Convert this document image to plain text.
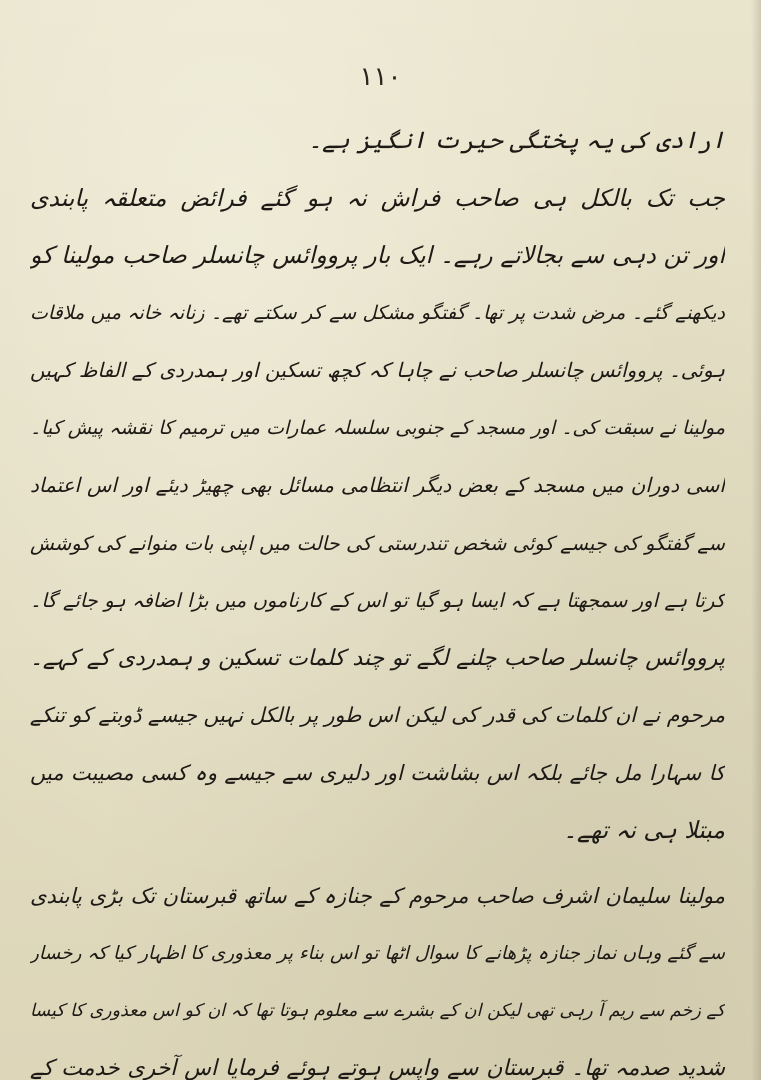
۱۱۰
ارادی کی یہ پختگی حیرت انگیز ہے۔
جب تک بالکل ہی صاحب فراش نہ ہو گئے فرائض متعلقہ پابندی
اور تن دہی سے بجالاتے رہے۔ ایک بار پرووائس چانسلر صاحب مولینا کو
دیکھنے گئے۔ مرض شدت پر تھا۔ گفتگو مشکل سے کر سکتے تھے۔ زنانہ خانہ میں ملاقات
ہوئی۔ پرووائس چانسلر صاحب نے چاہا کہ کچھ تسکین اور ہمدردی کے الفاظ کہیں
مولینا نے سبقت کی۔ اور مسجد کے جنوبی سلسلہ عمارات میں ترمیم کا نقشہ پیش کیا۔
اسی دوران میں مسجد کے بعض دیگر انتظامی مسائل بھی چھیڑ دیئے اور اس اعتماد
سے گفتگو کی جیسے کوئی شخص تندرستی کی حالت میں اپنی بات منوانے کی کوشش
کرتا ہے اور سمجھتا ہے کہ ایسا ہو گیا تو اس کے کارناموں میں بڑا اضافہ ہو جائے گا۔
پرووائس چانسلر صاحب چلنے لگے تو چند کلمات تسکین و ہمدردی کے کہے۔
مرحوم نے ان کلمات کی قدر کی لیکن اس طور پر بالکل نہیں جیسے ڈوبتے کو تنکے
کا سہارا مل جائے بلکہ اس بشاشت اور دلیری سے جیسے وہ کسی مصیبت میں
مبتلا ہی نہ تھے۔
مولینا سلیمان اشرف صاحب مرحوم کے جنازہ کے ساتھ قبرستان تک بڑی پابندی
سے گئے وہاں نماز جنازہ پڑھانے کا سوال اٹھا تو اس بناء پر معذوری کا اظہار کیا کہ رخسار
کے زخم سے ریم آ رہی تھی لیکن ان کے بشرے سے معلوم ہوتا تھا کہ ان کو اس معذوری کا کیسا
شدید صدمہ تھا۔ قبرستان سے واپس ہوتے ہوئے فرمایا اس آخری خدمت کے
